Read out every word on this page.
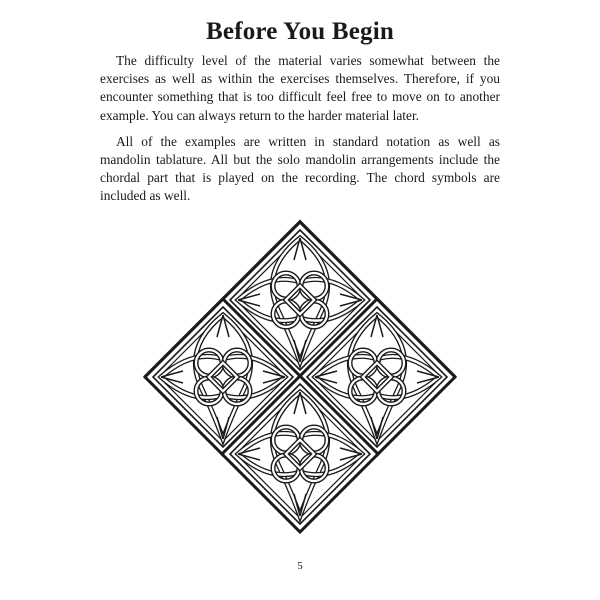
Before You Begin

The difficulty level of the material varies somewhat between the exercises as well as within the exercises themselves. Therefore, if you encounter something that is too difficult feel free to move on to another example. You can always return to the harder material later.

All of the examples are written in standard notation as well as mandolin tablature. All but the solo mandolin arrangements include the chordal part that is played on the recording. The chord symbols are included as well.

5
